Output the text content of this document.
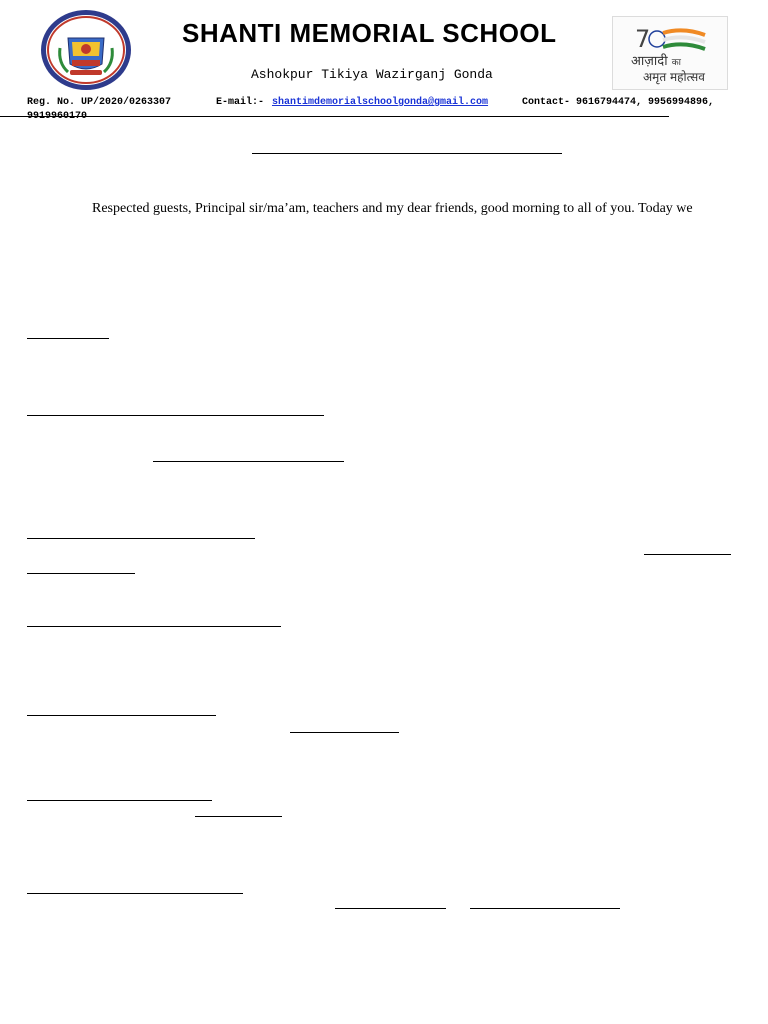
SHANTI MEMORIAL SCHOOL
Ashokpur Tikiya Wazirganj Gonda
7
आज़ादी का
अमृत महोत्सव
Reg. No. UP/2020/0263307	E-mail:- shantimdemorialschoolgonda@gmail.com	Contact- 9616794474, 9956994896,
9919960170
Respected guests, Principal sir/ma’am, teachers and my dear friends, good morning to all of you. Today we
